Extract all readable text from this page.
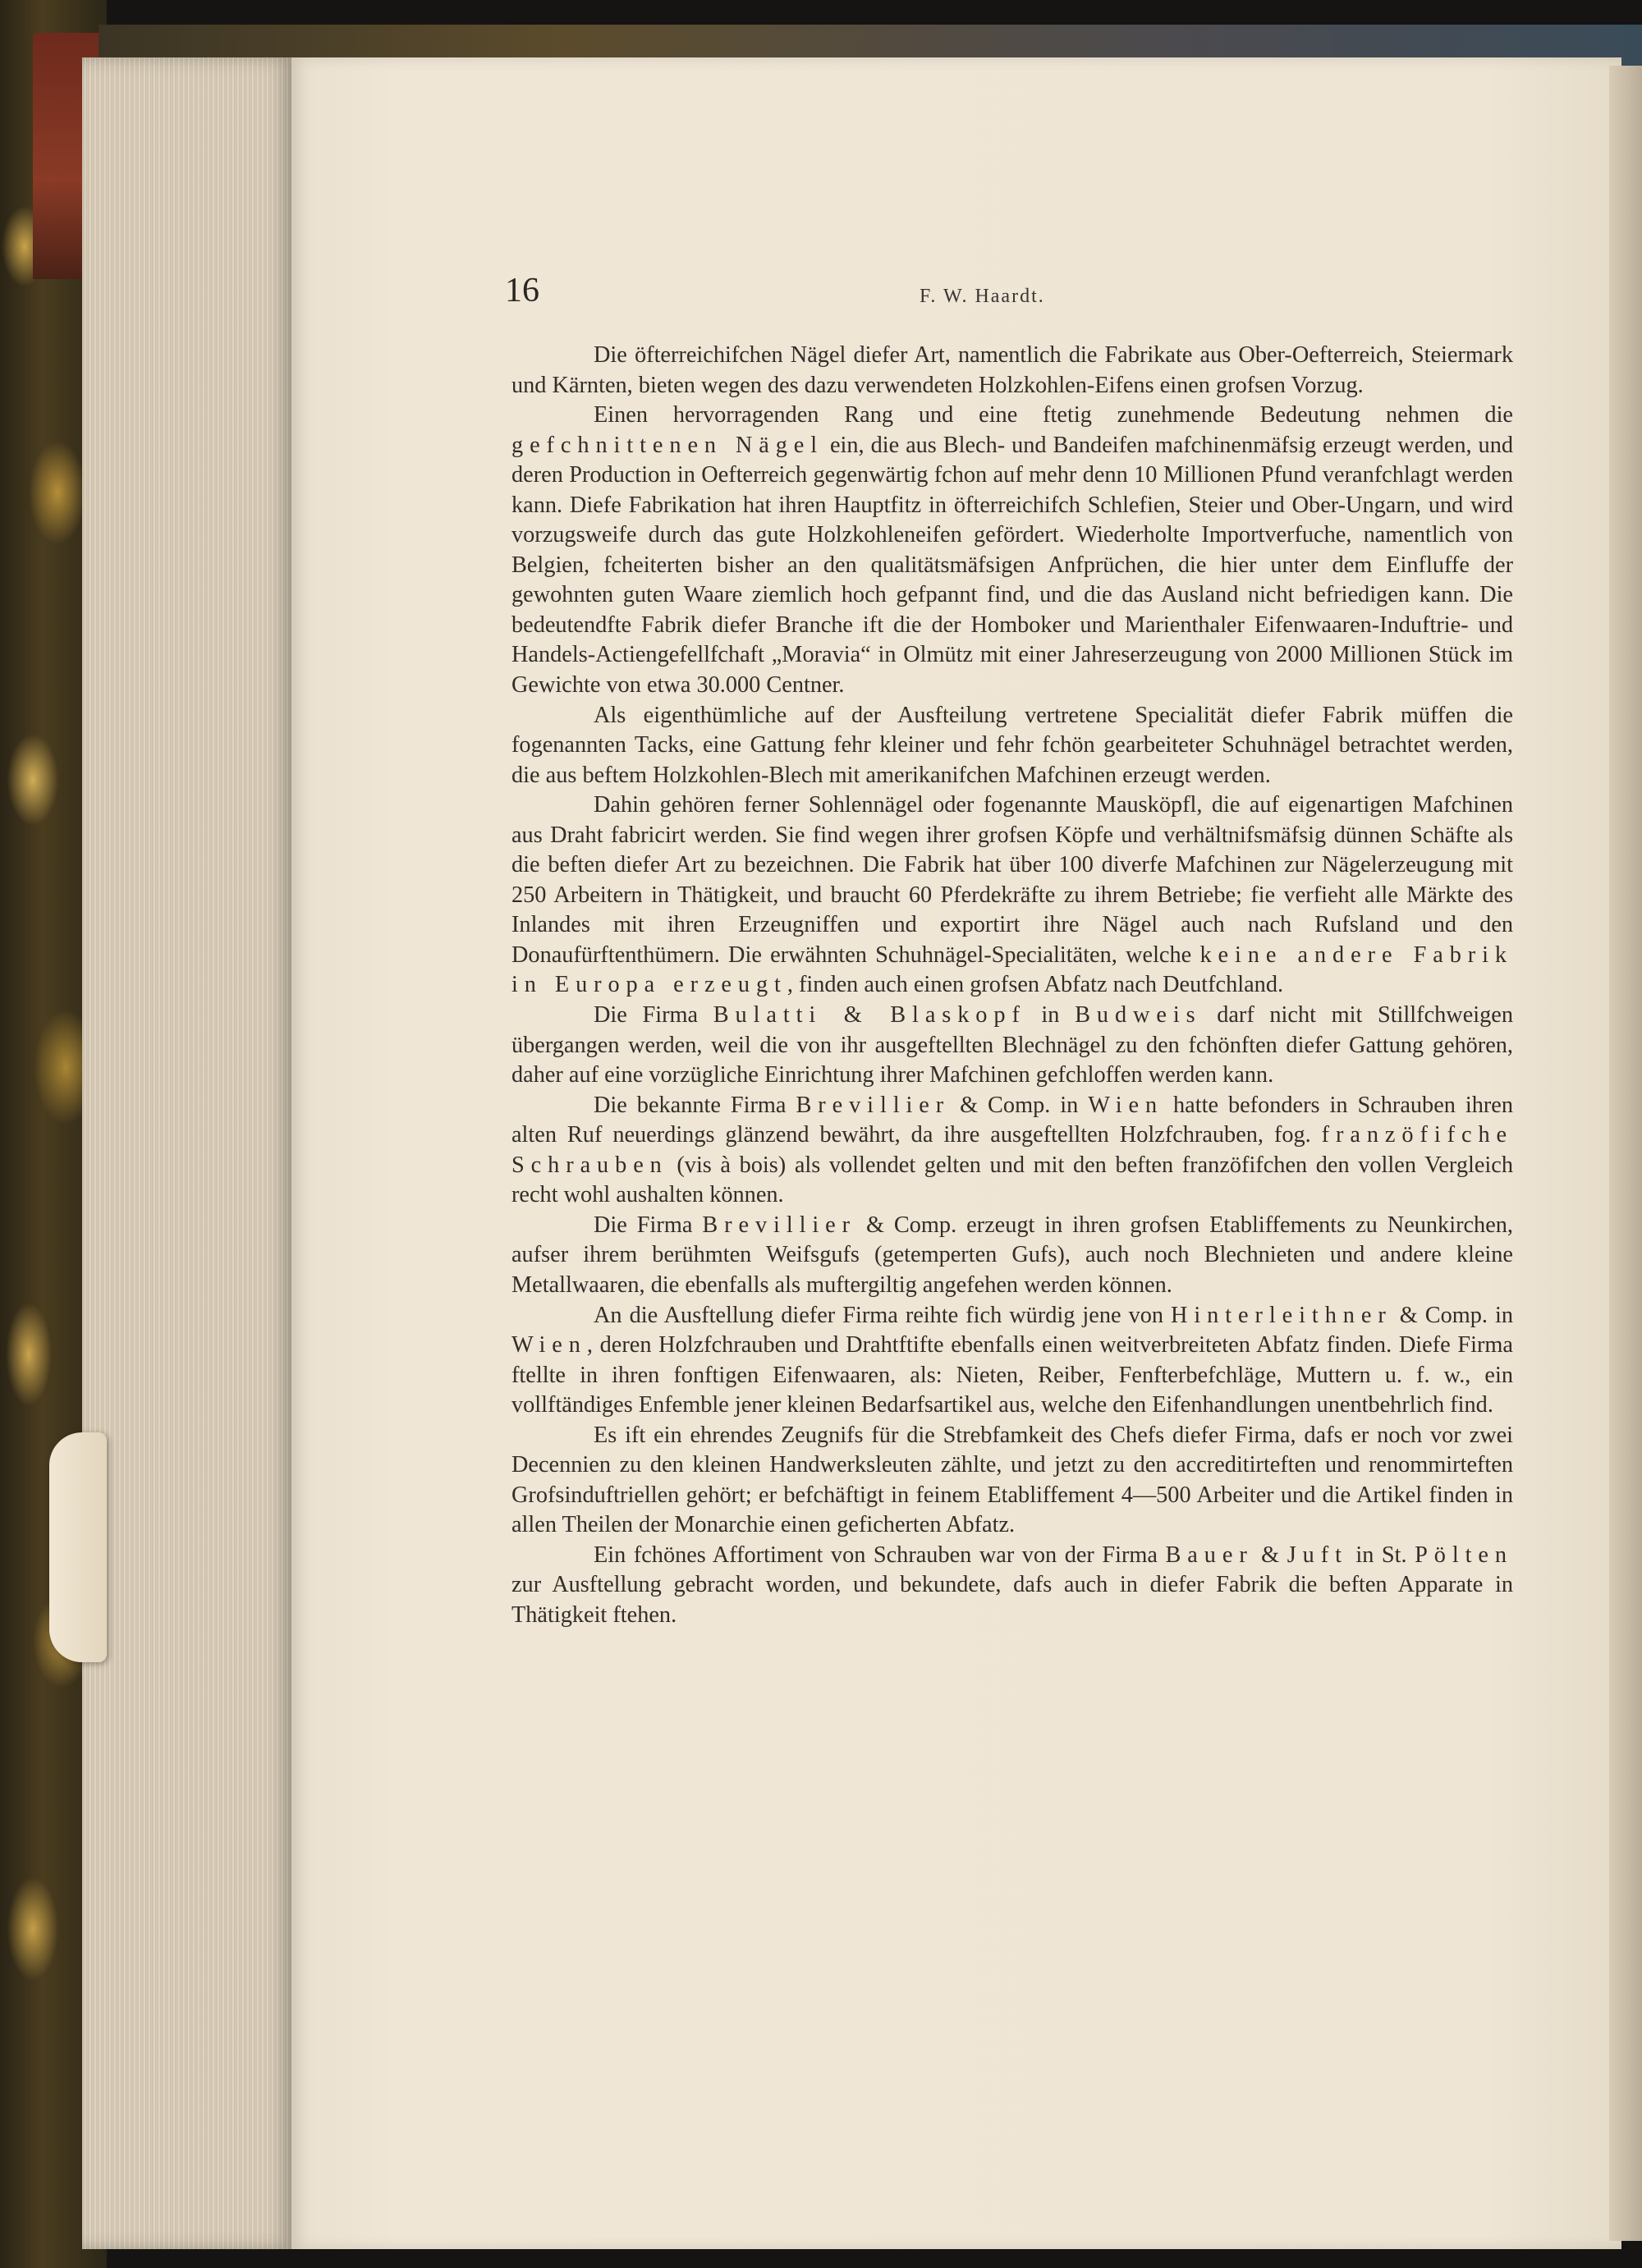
16	F. W. Haardt.

Die öfterreichifchen Nägel diefer Art, namentlich die Fabrikate aus Ober-Oefterreich, Steiermark und Kärnten, bieten wegen des dazu verwendeten Holzkohlen-Eifens einen grofsen Vorzug.

Einen hervorragenden Rang und eine ftetig zunehmende Bedeutung nehmen die gefchnittenen Nägel ein, die aus Blech- und Bandeifen mafchinenmäfsig erzeugt werden, und deren Production in Oefterreich gegenwärtig fchon auf mehr denn 10 Millionen Pfund veranfchlagt werden kann. Diefe Fabrikation hat ihren Hauptfitz in öfterreichifch Schlefien, Steier und Ober-Ungarn, und wird vorzugsweife durch das gute Holzkohleneifen gefördert. Wiederholte Importverfuche, namentlich von Belgien, fcheiterten bisher an den qualitätsmäfsigen Anfprüchen, die hier unter dem Einfluffe der gewohnten guten Waare ziemlich hoch gefpannt find, und die das Ausland nicht befriedigen kann. Die bedeutendfte Fabrik diefer Branche ift die der Homboker und Marienthaler Eifenwaaren-Induftrie- und Handels-Actiengefellfchaft „Moravia“ in Olmütz mit einer Jahreserzeugung von 2000 Millionen Stück im Gewichte von etwa 30.000 Centner.

Als eigenthümliche auf der Ausfteilung vertretene Specialität diefer Fabrik müffen die fogenannten Tacks, eine Gattung fehr kleiner und fehr fchön gearbeiteter Schuhnägel betrachtet werden, die aus beftem Holzkohlen-Blech mit amerikanifchen Mafchinen erzeugt werden.

Dahin gehören ferner Sohlennägel oder fogenannte Mausköpfl, die auf eigenartigen Mafchinen aus Draht fabricirt werden. Sie find wegen ihrer grofsen Köpfe und verhältnifsmäfsig dünnen Schäfte als die beften diefer Art zu bezeichnen. Die Fabrik hat über 100 diverfe Mafchinen zur Nägelerzeugung mit 250 Arbeitern in Thätigkeit, und braucht 60 Pferdekräfte zu ihrem Betriebe; fie verfieht alle Märkte des Inlandes mit ihren Erzeugniffen und exportirt ihre Nägel auch nach Rufsland und den Donaufürftenthümern. Die erwähnten Schuhnägel-Specialitäten, welche keine andere Fabrik in Europa erzeugt, finden auch einen grofsen Abfatz nach Deutfchland.

Die Firma Bulatti & Blaskopf in Budweis darf nicht mit Stillfchweigen übergangen werden, weil die von ihr ausgeftellten Blechnägel zu den fchönften diefer Gattung gehören, daher auf eine vorzügliche Einrichtung ihrer Mafchinen gefchloffen werden kann.

Die bekannte Firma Brevillier & Comp. in Wien hatte befonders in Schrauben ihren alten Ruf neuerdings glänzend bewährt, da ihre ausgeftellten Holzfchrauben, fog. franzöfifche Schrauben (vis à bois) als vollendet gelten und mit den beften franzöfifchen den vollen Vergleich recht wohl aushalten können.

Die Firma Brevillier & Comp. erzeugt in ihren grofsen Etabliffements zu Neunkirchen, aufser ihrem berühmten Weifsgufs (getemperten Gufs), auch noch Blechnieten und andere kleine Metallwaaren, die ebenfalls als muftergiltig angefehen werden können.

An die Ausftellung diefer Firma reihte fich würdig jene von Hinterleithner & Comp. in Wien, deren Holzfchrauben und Drahtftifte ebenfalls einen weitverbreiteten Abfatz finden. Diefe Firma ftellte in ihren fonftigen Eifenwaaren, als: Nieten, Reiber, Fenfterbefchläge, Muttern u. f. w., ein vollftändiges Enfemble jener kleinen Bedarfsartikel aus, welche den Eifenhandlungen unentbehrlich find.

Es ift ein ehrendes Zeugnifs für die Strebfamkeit des Chefs diefer Firma, dafs er noch vor zwei Decennien zu den kleinen Handwerksleuten zählte, und jetzt zu den accreditirteften und renommirteften Grofsinduftriellen gehört; er befchäftigt in feinem Etabliffement 4—500 Arbeiter und die Artikel finden in allen Theilen der Monarchie einen geficherten Abfatz.

Ein fchönes Affortiment von Schrauben war von der Firma Bauer & Juft in St. Pölten zur Ausftellung gebracht worden, und bekundete, dafs auch in diefer Fabrik die beften Apparate in Thätigkeit ftehen.
